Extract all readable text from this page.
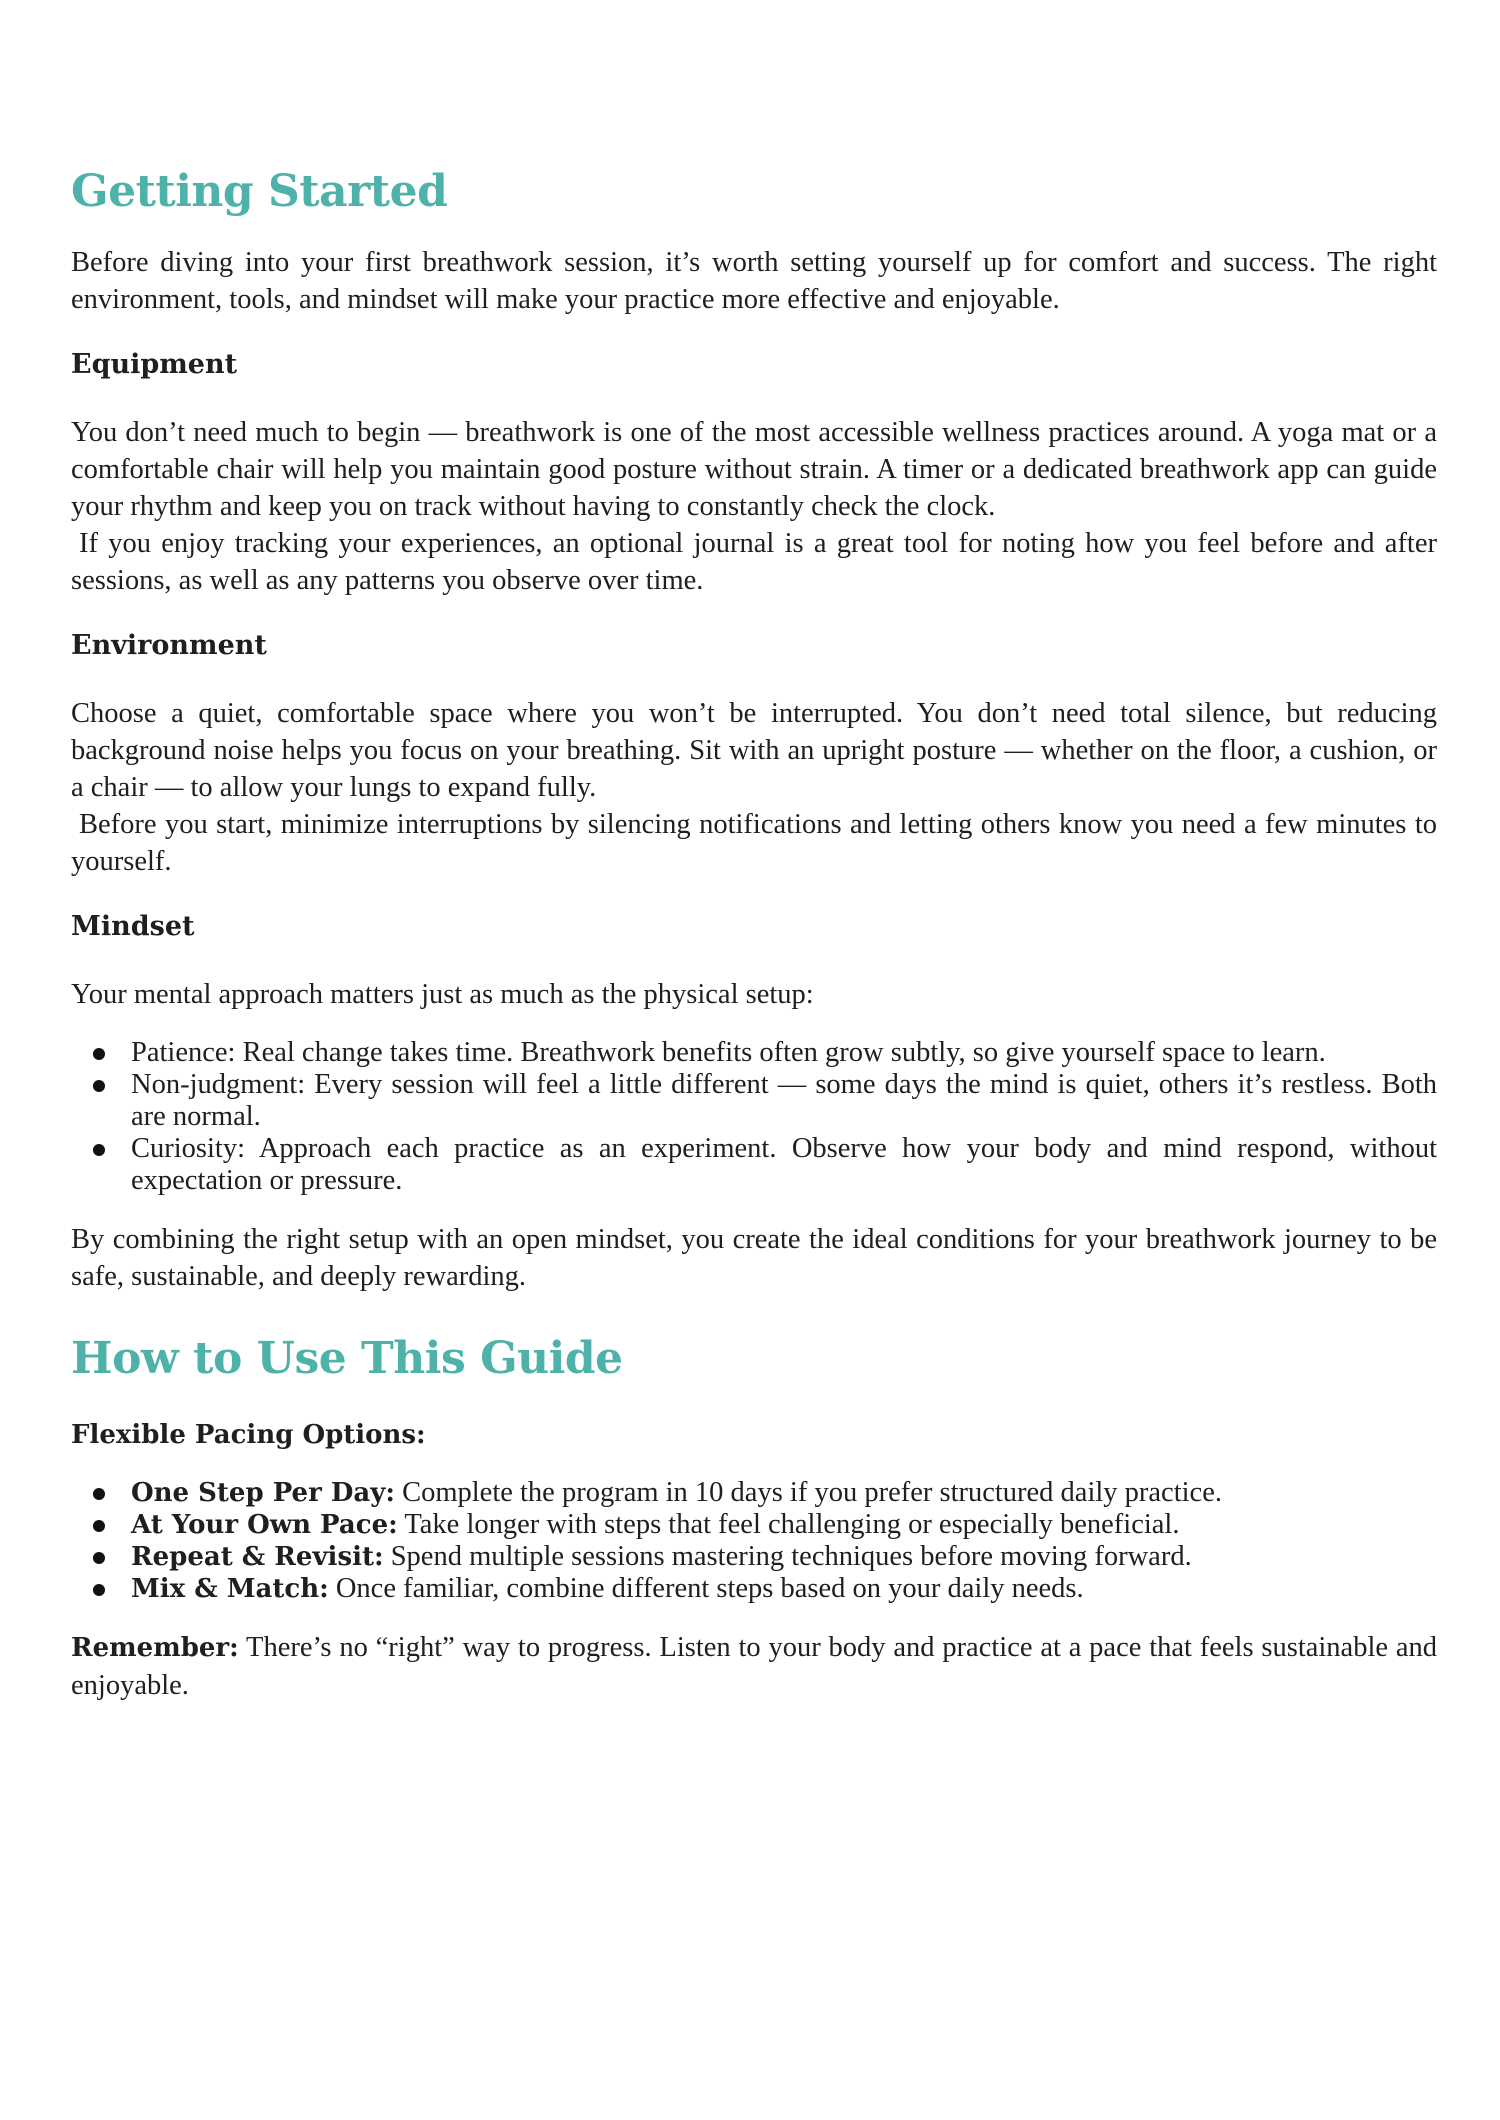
Getting Started

Before diving into your first breathwork session, it’s worth setting yourself up for comfort and success. The right environment, tools, and mindset will make your practice more effective and enjoyable.

Equipment

You don’t need much to begin — breathwork is one of the most accessible wellness practices around. A yoga mat or a comfortable chair will help you maintain good posture without strain. A timer or a dedicated breathwork app can guide your rhythm and keep you on track without having to constantly check the clock.

If you enjoy tracking your experiences, an optional journal is a great tool for noting how you feel before and after sessions, as well as any patterns you observe over time.

Environment

Choose a quiet, comfortable space where you won’t be interrupted. You don’t need total silence, but reducing background noise helps you focus on your breathing. Sit with an upright posture — whether on the floor, a cushion, or a chair — to allow your lungs to expand fully.

Before you start, minimize interruptions by silencing notifications and letting others know you need a few minutes to yourself.

Mindset

Your mental approach matters just as much as the physical setup:

Patience: Real change takes time. Breathwork benefits often grow subtly, so give yourself space to learn.
Non-judgment: Every session will feel a little different — some days the mind is quiet, others it’s restless. Both are normal.
Curiosity: Approach each practice as an experiment. Observe how your body and mind respond, without expectation or pressure.

By combining the right setup with an open mindset, you create the ideal conditions for your breathwork journey to be safe, sustainable, and deeply rewarding.

How to Use This Guide
Flexible Pacing Options:
One Step Per Day: Complete the program in 10 days if you prefer structured daily practice.
At Your Own Pace: Take longer with steps that feel challenging or especially beneficial.
Repeat & Revisit: Spend multiple sessions mastering techniques before moving forward.
Mix & Match: Once familiar, combine different steps based on your daily needs.

Remember: There’s no “right” way to progress. Listen to your body and practice at a pace that feels sustainable and enjoyable.
